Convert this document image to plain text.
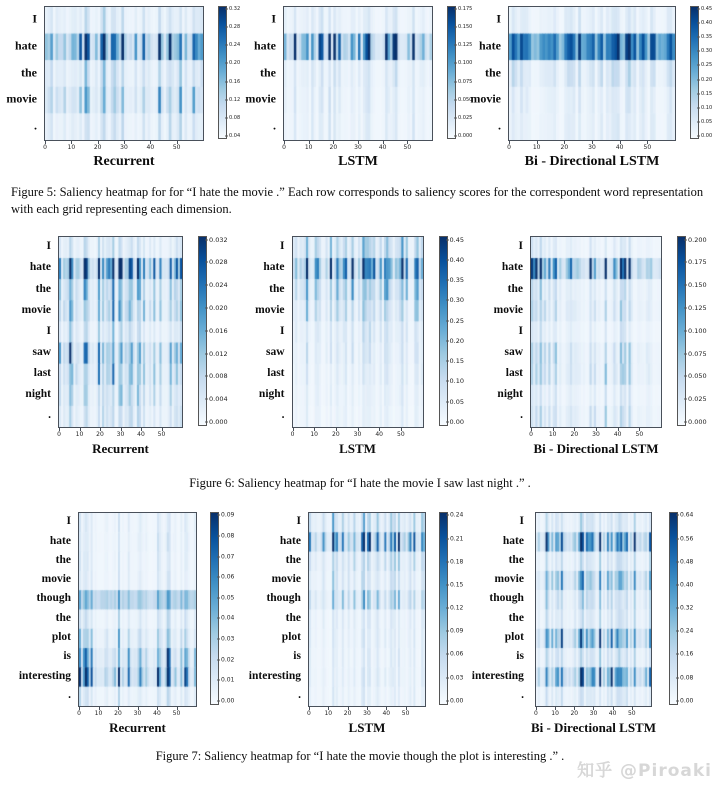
I
hate
the
movie
.
0	10	20	30	40	50
Recurrent
0.32
0.28
0.24
0.20
0.16
0.12
0.08
0.04
I
hate
the
movie
.
0	10	20	30	40	50
LSTM
0.175
0.150
0.125
0.100
0.075
0.050
0.025
0.000
I
hate
the
movie
.
0	10	20	30	40	50
Bi - Directional LSTM
0.45
0.40
0.35
0.30
0.25
0.20
0.15
0.10
0.05
0.00
Figure 5: Saliency heatmap for for “I hate the movie .” Each row corresponds to saliency scores for the correspondent word representation with each grid representing each dimension.
I
hate
the
movie
I
saw
last
night
.
0 10 20 30 40 50
Recurrent
0.032
0.028
0.024
0.020
0.016
0.012
0.008
0.004
0.000
I
hate
the
movie
I
saw
last
night
.
0	10 20 30 40 50
LSTM
0.45
0.40
0.35
0.30
0.25
0.20
0.15
0.10
0.05
0.00
I
hate
the
movie
I
saw
last
night
.
0	10 20 30 40 50
Bi - Directional LSTM
0.200
0.175
0.150
0.125
0.100
0.075
0.050
0.025
0.000
Figure 6: Saliency heatmap for “I hate the movie I saw last night .” .
I
hate
the
movie
though
the
plot
is
interesting
.
0 10 20 30 40 50
Recurrent
0.09
0.08
0.07
0.06
0.05
0.04
0.03
0.02
0.01
0.00
I
hate
the
movie
though
the
plot
is
interesting
.
0 10 20 30 40 50
LSTM
0.24
0.21
0.18
0.15
0.12
0.09
0.06
0.03
0.00
I
hate
the
movie
though
the
plot
is
interesting
.
0 10 20 30 40 50
Bi - Directional LSTM
0.64
0.56
0.48
0.40
0.32
0.24
0.16
0.08
0.00
Figure 7: Saliency heatmap for “I hate the movie though the plot is interesting .” .
知乎 @Piroaki
